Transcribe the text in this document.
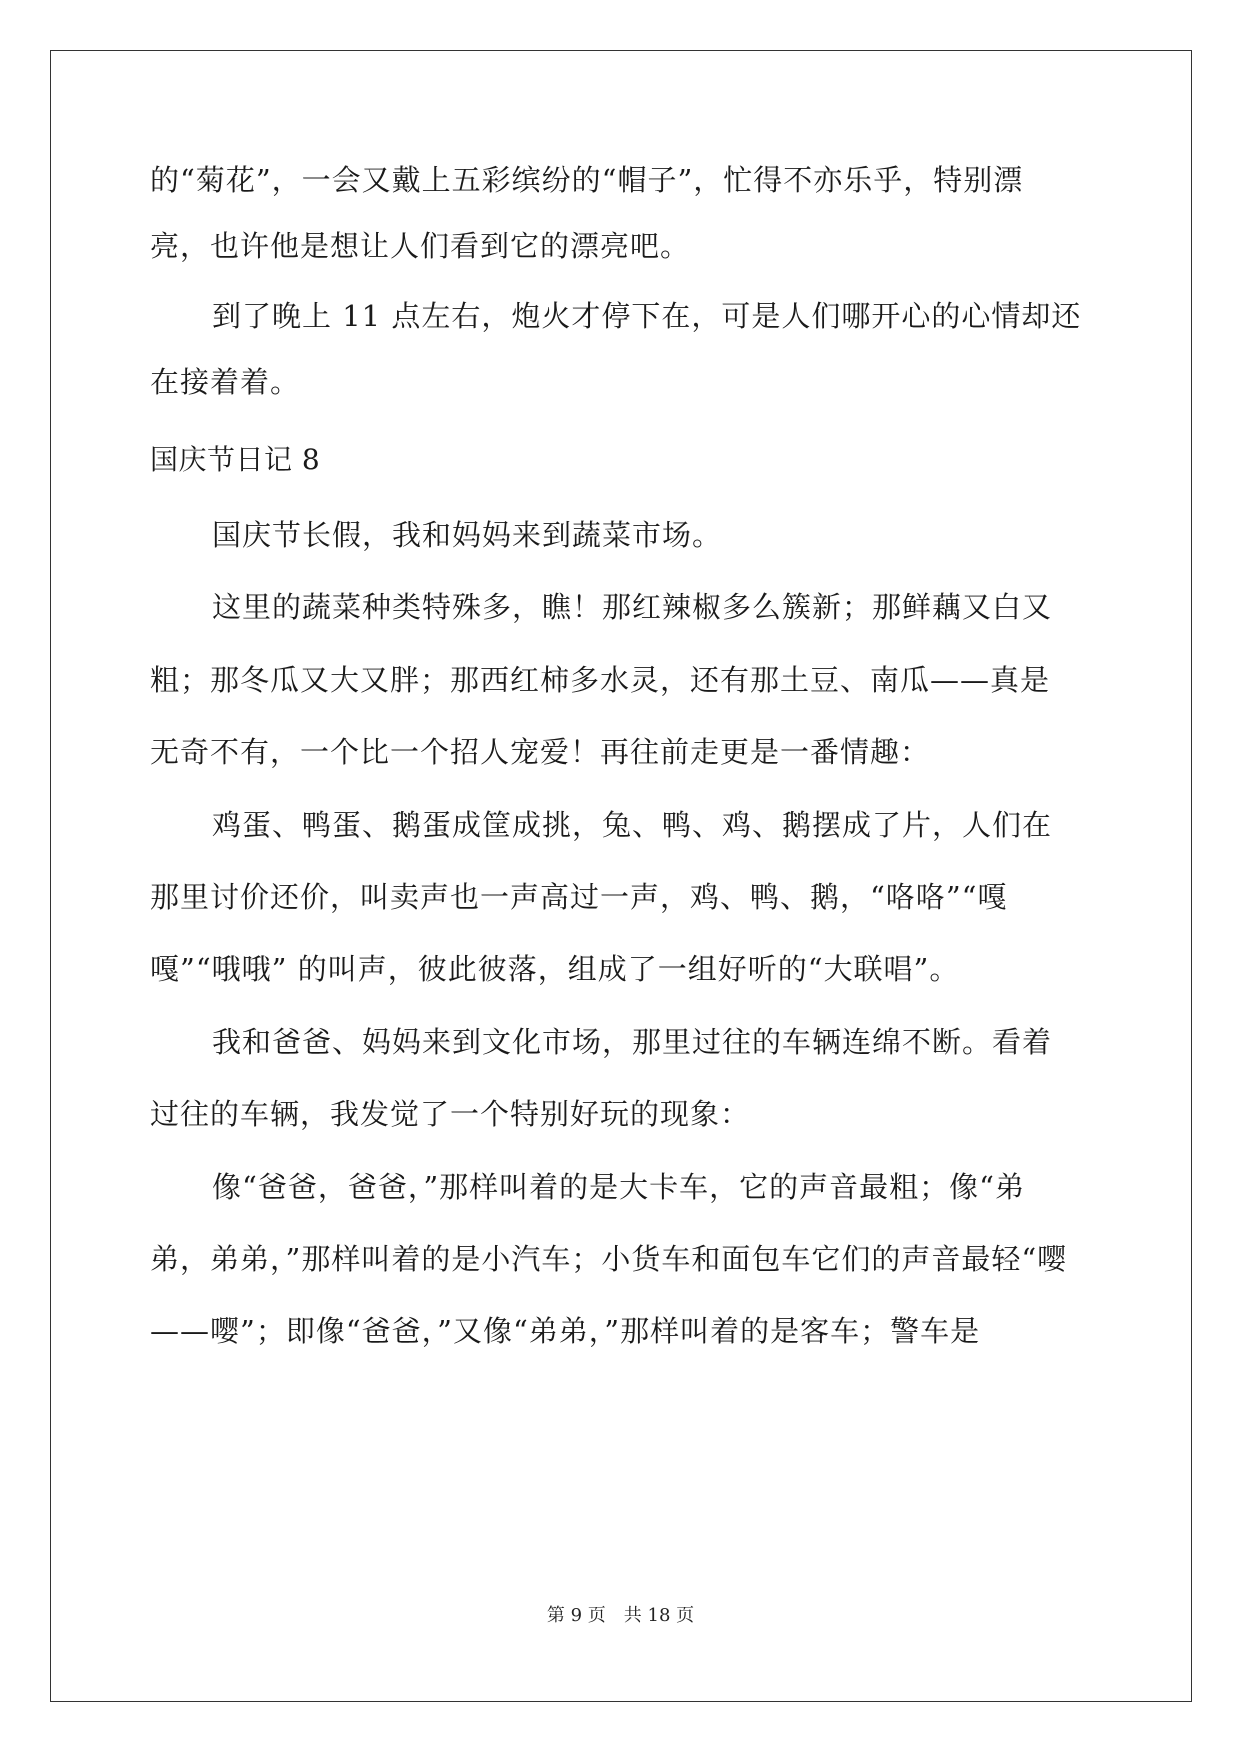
的“菊花”，一会又戴上五彩缤纷的“帽子”，忙得不亦乐乎，特别漂
亮，也许他是想让人们看到它的漂亮吧。
到了晚上 11 点左右，炮火才停下在，可是人们哪开心的心情却还
在接着着。
国庆节日记 8
国庆节长假，我和妈妈来到蔬菜市场。
这里的蔬菜种类特殊多，瞧！那红辣椒多么簇新；那鲜藕又白又
粗；那冬瓜又大又胖；那西红柿多水灵，还有那土豆、南瓜——真是
无奇不有，一个比一个招人宠爱！再往前走更是一番情趣：
鸡蛋、鸭蛋、鹅蛋成筐成挑，兔、鸭、鸡、鹅摆成了片，人们在
那里讨价还价，叫卖声也一声高过一声，鸡、鸭、鹅，“咯咯”“嘎
嘎”“哦哦” 的叫声，彼此彼落，组成了一组好听的“大联唱”。
我和爸爸、妈妈来到文化市场，那里过往的车辆连绵不断。看着
过往的车辆，我发觉了一个特别好玩的现象：
像“爸爸，爸爸，”那样叫着的是大卡车，它的声音最粗；像“弟
弟，弟弟，”那样叫着的是小汽车；小货车和面包车它们的声音最轻“嘤
——嘤”；即像“爸爸，”又像“弟弟，”那样叫着的是客车；警车是
第 9 页　共 18 页
